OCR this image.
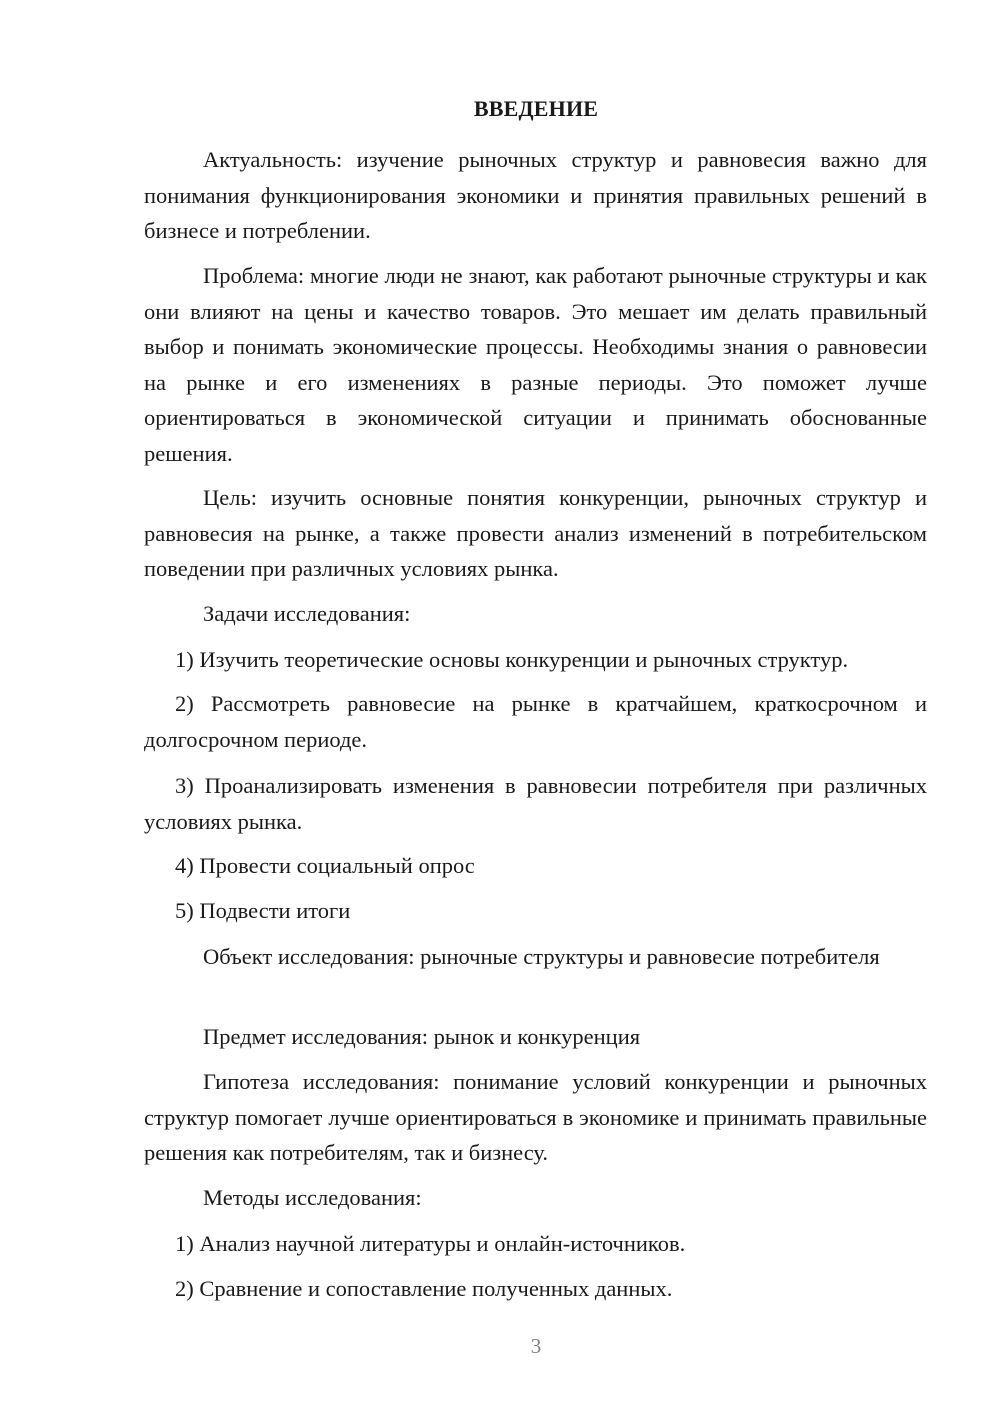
ВВЕДЕНИЕ

Актуальность: изучение рыночных структур и равновесия важно для понимания функционирования экономики и принятия правильных решений в бизнесе и потреблении.

Проблема: многие люди не знают, как работают рыночные структуры и как они влияют на цены и качество товаров. Это мешает им делать правильный выбор и понимать экономические процессы. Необходимы знания о равновесии на рынке и его изменениях в разные периоды. Это поможет лучше ориентироваться в экономической ситуации и принимать обоснованные решения.

Цель: изучить основные понятия конкуренции, рыночных структур и равновесия на рынке, а также провести анализ изменений в потребительском поведении при различных условиях рынка.

Задачи исследования:

1) Изучить теоретические основы конкуренции и рыночных структур.

2) Рассмотреть равновесие на рынке в кратчайшем, краткосрочном и долгосрочном периоде.

3) Проанализировать изменения в равновесии потребителя при различных условиях рынка.

4) Провести социальный опрос

5) Подвести итоги

Объект исследования: рыночные структуры и равновесие потребителя

Предмет исследования: рынок и конкуренция

Гипотеза исследования: понимание условий конкуренции и рыночных структур помогает лучше ориентироваться в экономике и принимать правильные решения как потребителям, так и бизнесу.

Методы исследования:

1) Анализ научной литературы и онлайн-источников.

2) Сравнение и сопоставление полученных данных.

3
